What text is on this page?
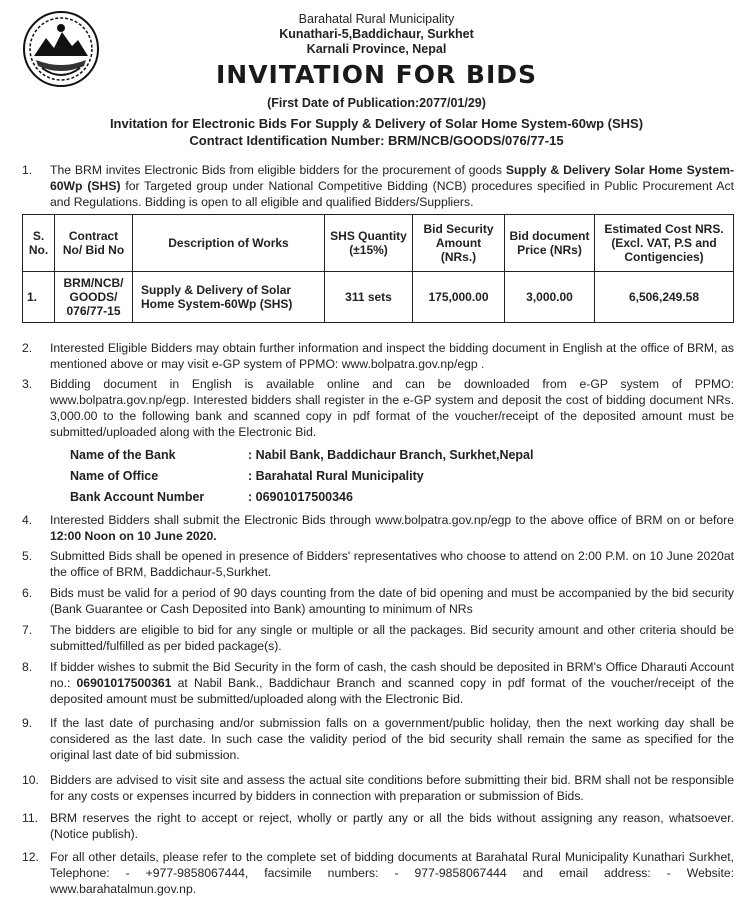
Barahatal Rural Municipality
Kunathari-5,Baddichaur, Surkhet
Karnali Province, Nepal
INVITATION FOR BIDS
(First Date of Publication:2077/01/29)
Invitation for Electronic Bids For Supply & Delivery of Solar Home System-60wp (SHS)
Contract Identification Number: BRM/NCB/GOODS/076/77-15
1.	The BRM invites Electronic Bids from eligible bidders for the procurement of goods Supply & Delivery Solar Home System-60Wp (SHS) for Targeted group under National Competitive Bidding (NCB) procedures specified in Public Procurement Act and Regulations. Bidding is open to all eligible and qualified Bidders/Suppliers.
S. No.	Contract No/ Bid No	Description of Works	SHS Quantity (±15%)	Bid Security Amount (NRs.)	Bid document Price (NRs)	Estimated Cost NRS. (Excl. VAT, P.S and Contigencies)
1.	BRM/NCB/ GOODS/ 076/77-15	Supply & Delivery of Solar Home System-60Wp (SHS)	311 sets	175,000.00	3,000.00	6,506,249.58
2.	Interested Eligible Bidders may obtain further information and inspect the bidding document in English at the office of BRM, as mentioned above or may visit e-GP system of PPMO: www.bolpatra.gov.np/egp .
3.	Bidding document in English is available online and can be downloaded from e-GP system of PPMO: www.bolpatra.gov.np/egp. Interested bidders shall register in the e-GP system and deposit the cost of bidding document NRs. 3,000.00 to the following bank and scanned copy in pdf format of the voucher/receipt of the deposited amount must be submitted/uploaded along with the Electronic Bid.
Name of the Bank	: Nabil Bank, Baddichaur Branch, Surkhet,Nepal
Name of Office	: Barahatal Rural Municipality
Bank Account Number	: 06901017500346
4.	Interested Bidders shall submit the Electronic Bids through www.bolpatra.gov.np/egp to the above office of BRM on or before 12:00 Noon on 10 June 2020.
5.	Submitted Bids shall be opened in presence of Bidders' representatives who choose to attend on 2:00 P.M. on 10 June 2020at the office of BRM, Baddichaur-5,Surkhet.
6.	Bids must be valid for a period of 90 days counting from the date of bid opening and must be accompanied by the bid security (Bank Guarantee or Cash Deposited into Bank) amounting to minimum of NRs
7.	The bidders are eligible to bid for any single or multiple or all the packages. Bid security amount and other criteria should be submitted/fulfilled as per bided package(s).
8.	If bidder wishes to submit the Bid Security in the form of cash, the cash should be deposited in BRM's Office Dharauti Account no.: 06901017500361 at Nabil Bank., Baddichaur Branch and scanned copy in pdf format of the voucher/receipt of the deposited amount must be submitted/uploaded along with the Electronic Bid.
9.	If the last date of purchasing and/or submission falls on a government/public holiday, then the next working day shall be considered as the last date. In such case the validity period of the bid security shall remain the same as specified for the original last date of bid submission.
10. Bidders are advised to visit site and assess the actual site conditions before submitting their bid. BRM shall not be responsible for any costs or expenses incurred by bidders in connection with preparation or submission of Bids.
11. BRM reserves the right to accept or reject, wholly or partly any or all the bids without assigning any reason, whatsoever. (Notice publish).
12. For all other details, please refer to the complete set of bidding documents at Barahatal Rural Municipality Kunathari Surkhet, Telephone: - +977-9858067444, facsimile numbers: - 977-9858067444 and email address: - Website: www.barahatalmun.gov.np.
